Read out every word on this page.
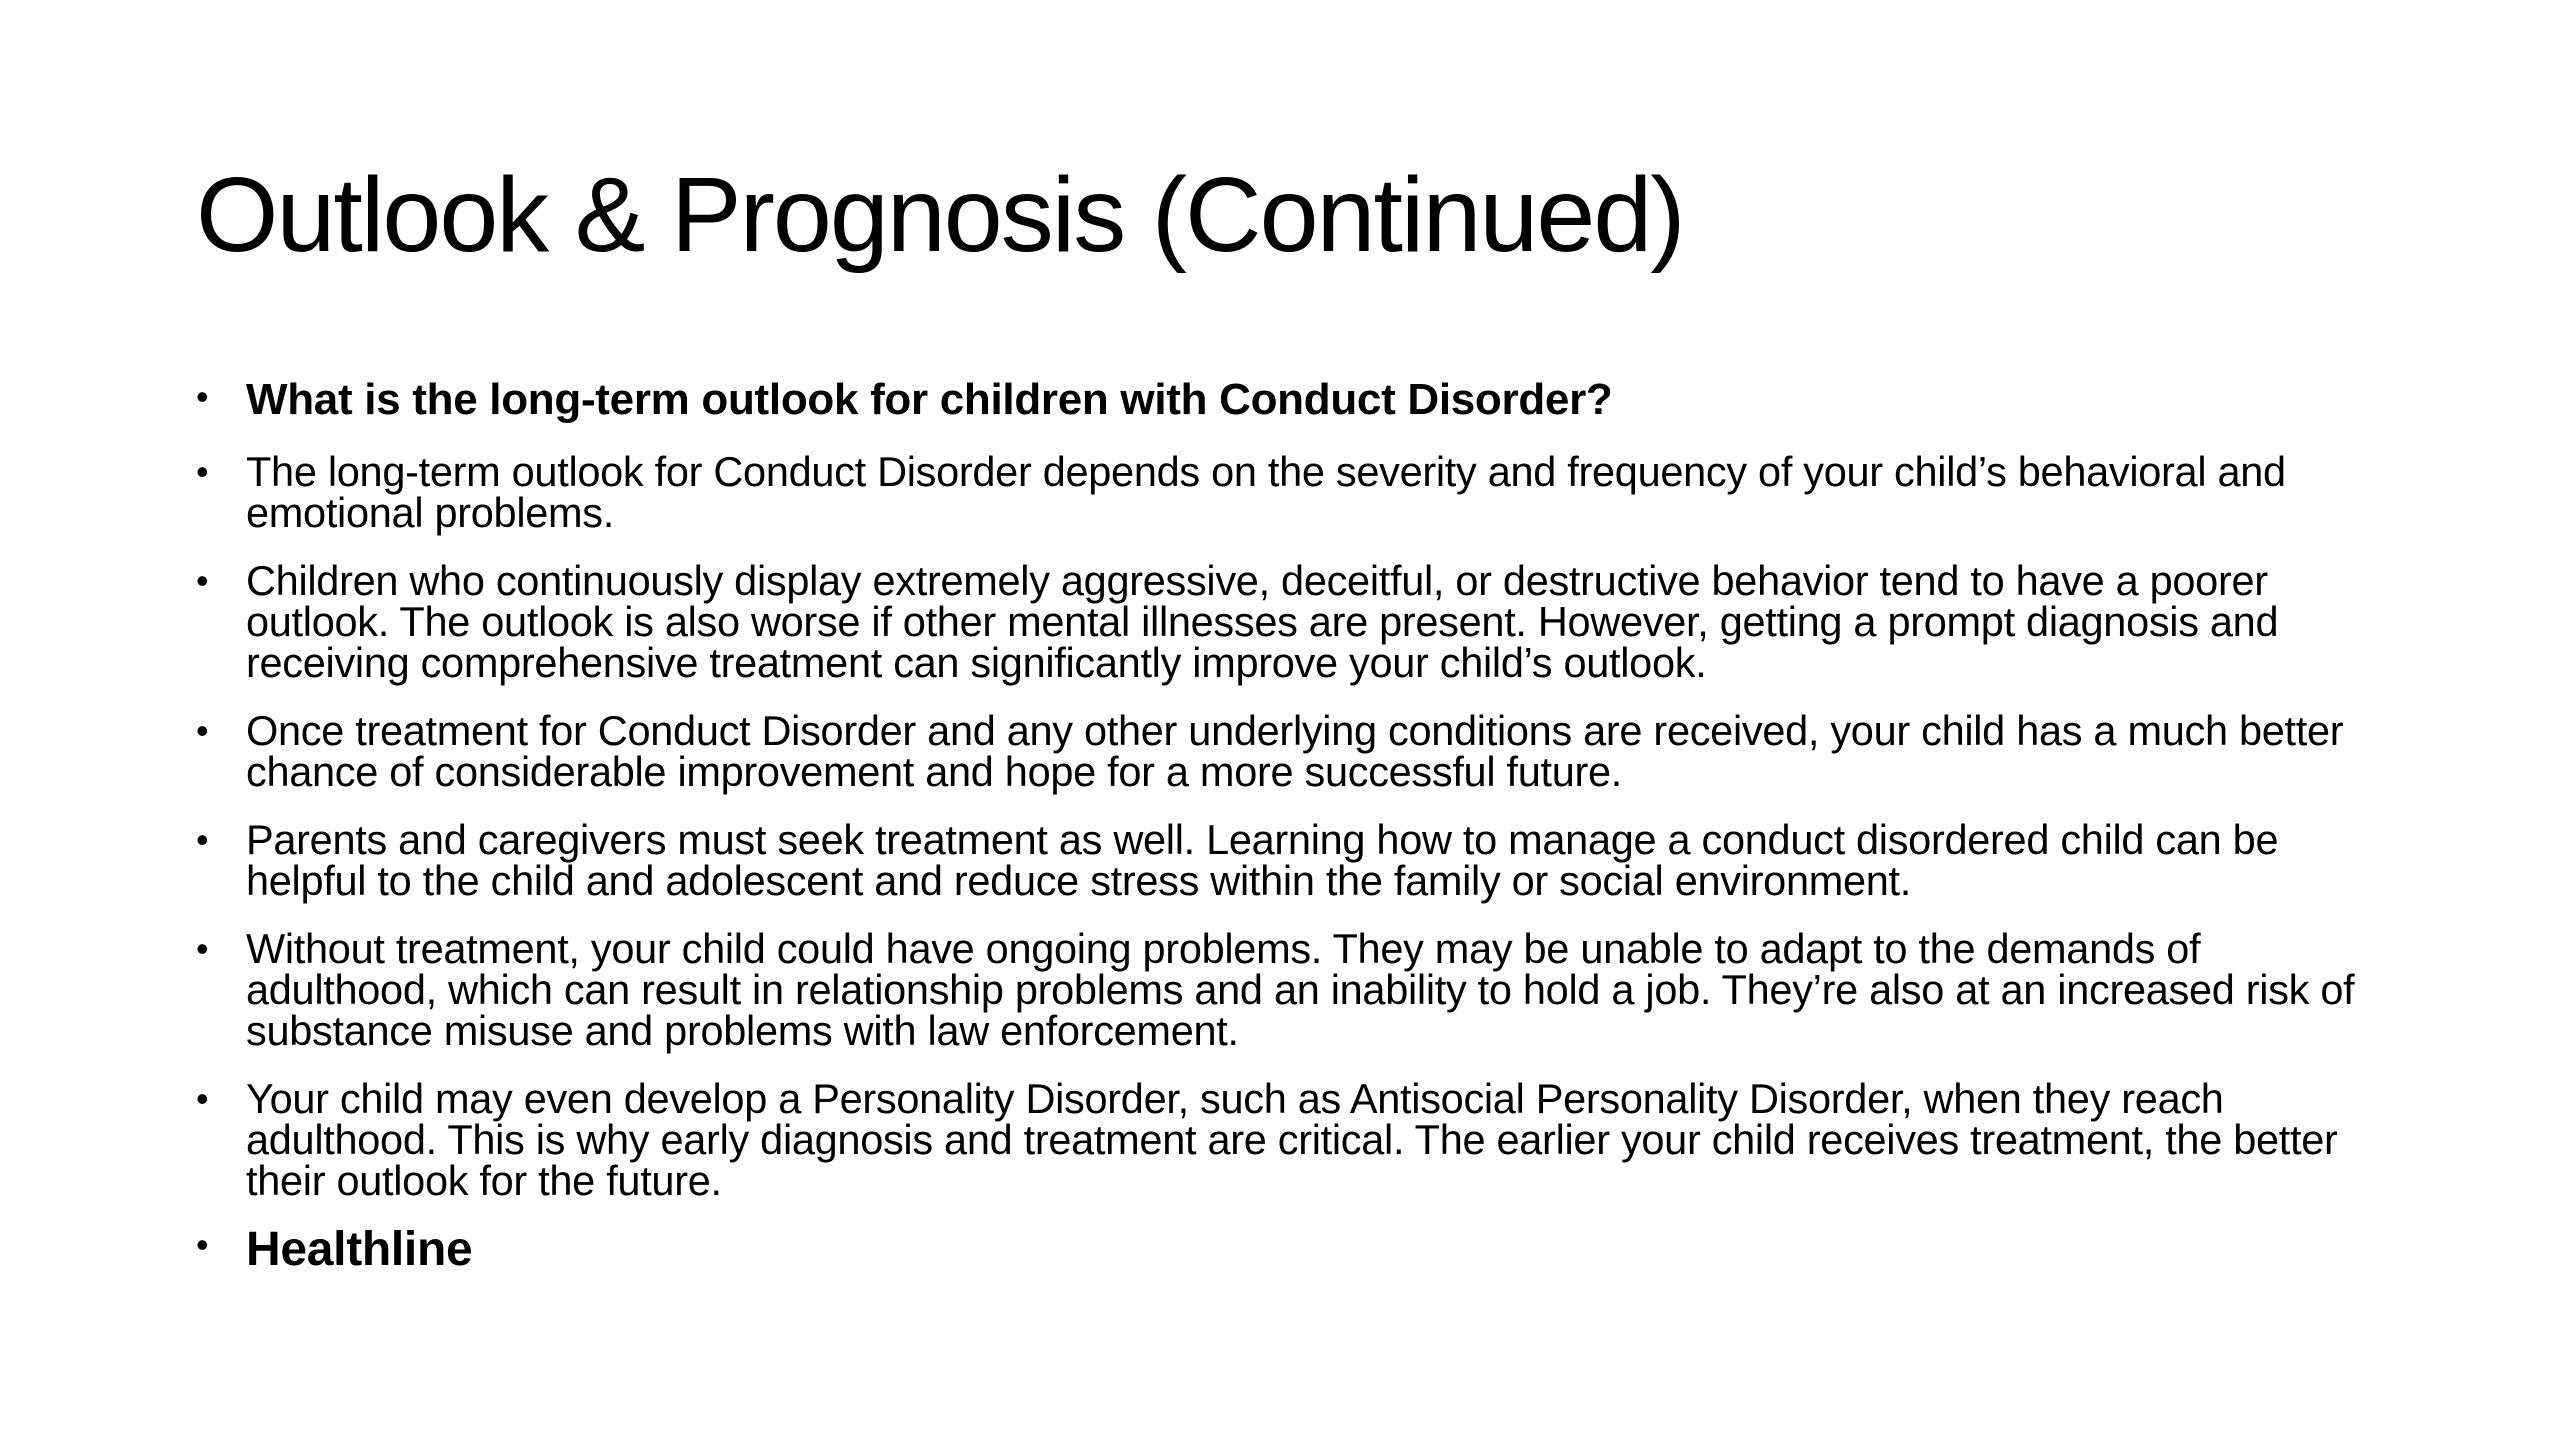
Outlook & Prognosis (Continued)
• What is the long-term outlook for children with Conduct Disorder?
• The long-term outlook for Conduct Disorder depends on the severity and frequency of your child’s behavioral and emotional problems.
• Children who continuously display extremely aggressive, deceitful, or destructive behavior tend to have a poorer outlook. The outlook is also worse if other mental illnesses are present. However, getting a prompt diagnosis and receiving comprehensive treatment can significantly improve your child’s outlook.
• Once treatment for Conduct Disorder and any other underlying conditions are received, your child has a much better chance of considerable improvement and hope for a more successful future.
• Parents and caregivers must seek treatment as well. Learning how to manage a conduct disordered child can be helpful to the child and adolescent and reduce stress within the family or social environment.
• Without treatment, your child could have ongoing problems. They may be unable to adapt to the demands of adulthood, which can result in relationship problems and an inability to hold a job. They’re also at an increased risk of substance misuse and problems with law enforcement.
• Your child may even develop a Personality Disorder, such as Antisocial Personality Disorder, when they reach adulthood. This is why early diagnosis and treatment are critical. The earlier your child receives treatment, the better their outlook for the future.
• Healthline
